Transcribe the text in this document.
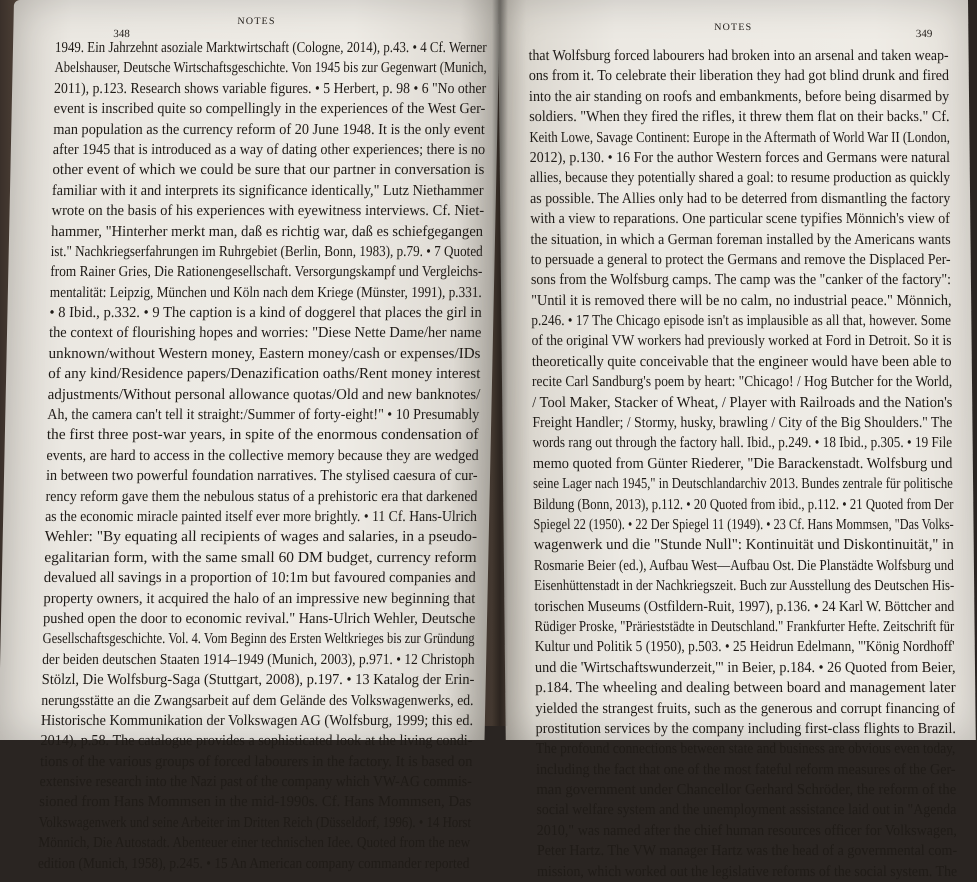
348
NOTES
1949. Ein Jahrzehnt asoziale Marktwirtschaft (Cologne, 2014), p.43. • 4 Cf. Werner
Abelshauser, Deutsche Wirtschaftsgeschichte. Von 1945 bis zur Gegenwart (Munich,
2011), p.123. Research shows variable figures. • 5 Herbert, p. 98 • 6 "No other
event is inscribed quite so compellingly in the experiences of the West Ger-
man population as the currency reform of 20 June 1948. It is the only event
after 1945 that is introduced as a way of dating other experiences; there is no
other event of which we could be sure that our partner in conversation is
familiar with it and interprets its significance identically," Lutz Niethammer
wrote on the basis of his experiences with eyewitness interviews. Cf. Niet-
hammer, "Hinterher merkt man, daß es richtig war, daß es schiefgegangen
ist." Nachkriegserfahrungen im Ruhrgebiet (Berlin, Bonn, 1983), p.79. • 7 Quoted
from Rainer Gries, Die Rationengesellschaft. Versorgungskampf und Vergleichs-
mentalität: Leipzig, München und Köln nach dem Kriege (Münster, 1991), p.331.
• 8 Ibid., p.332. • 9 The caption is a kind of doggerel that places the girl in
the context of flourishing hopes and worries: "Diese Nette Dame/her name
unknown/without Western money, Eastern money/cash or expenses/IDs
of any kind/Residence papers/Denazification oaths/Rent money interest
adjustments/Without personal allowance quotas/Old and new banknotes/
Ah, the camera can't tell it straight:/Summer of forty-eight!" • 10 Presumably
the first three post-war years, in spite of the enormous condensation of
events, are hard to access in the collective memory because they are wedged
in between two powerful foundation narratives. The stylised caesura of cur-
rency reform gave them the nebulous status of a prehistoric era that darkened
as the economic miracle painted itself ever more brightly. • 11 Cf. Hans-Ulrich
Wehler: "By equating all recipients of wages and salaries, in a pseudo-
egalitarian form, with the same small 60 DM budget, currency reform
devalued all savings in a proportion of 10:1m but favoured companies and
property owners, it acquired the halo of an impressive new beginning that
pushed open the door to economic revival." Hans-Ulrich Wehler, Deutsche
Gesellschaftsgeschichte. Vol. 4. Vom Beginn des Ersten Weltkrieges bis zur Gründung
der beiden deutschen Staaten 1914–1949 (Munich, 2003), p.971. • 12 Christoph
Stölzl, Die Wolfsburg-Saga (Stuttgart, 2008), p.197. • 13 Katalog der Erin-
nerungsstätte an die Zwangsarbeit auf dem Gelände des Volkswagenwerks, ed.
Historische Kommunikation der Volkswagen AG (Wolfsburg, 1999; this ed.
2014), p.58. The catalogue provides a sophisticated look at the living condi-
tions of the various groups of forced labourers in the factory. It is based on
extensive research into the Nazi past of the company which VW-AG commis-
sioned from Hans Mommsen in the mid-1990s. Cf. Hans Mommsen, Das
Volkswagenwerk und seine Arbeiter im Dritten Reich (Düsseldorf, 1996). • 14 Horst
Mönnich, Die Autostadt. Abenteuer einer technischen Idee. Quoted from the new
edition (Munich, 1958), p.245. • 15 An American company commander reported
NOTES
349
that Wolfsburg forced labourers had broken into an arsenal and taken weap-
ons from it. To celebrate their liberation they had got blind drunk and fired
into the air standing on roofs and embankments, before being disarmed by
soldiers. "When they fired the rifles, it threw them flat on their backs." Cf.
Keith Lowe, Savage Continent: Europe in the Aftermath of World War II (London,
2012), p.130. • 16 For the author Western forces and Germans were natural
allies, because they potentially shared a goal: to resume production as quickly
as possible. The Allies only had to be deterred from dismantling the factory
with a view to reparations. One particular scene typifies Mönnich's view of
the situation, in which a German foreman installed by the Americans wants
to persuade a general to protect the Germans and remove the Displaced Per-
sons from the Wolfsburg camps. The camp was the "canker of the factory":
"Until it is removed there will be no calm, no industrial peace." Mönnich,
p.246. • 17 The Chicago episode isn't as implausible as all that, however. Some
of the original VW workers had previously worked at Ford in Detroit. So it is
theoretically quite conceivable that the engineer would have been able to
recite Carl Sandburg's poem by heart: "Chicago! / Hog Butcher for the World,
/ Tool Maker, Stacker of Wheat, / Player with Railroads and the Nation's
Freight Handler; / Stormy, husky, brawling / City of the Big Shoulders." The
words rang out through the factory hall. Ibid., p.249. • 18 Ibid., p.305. • 19 File
memo quoted from Günter Riederer, "Die Barackenstadt. Wolfsburg und
seine Lager nach 1945," in Deutschlandarchiv 2013. Bundes zentrale für politische
Bildung (Bonn, 2013), p.112. • 20 Quoted from ibid., p.112. • 21 Quoted from Der
Spiegel 22 (1950). • 22 Der Spiegel 11 (1949). • 23 Cf. Hans Mommsen, "Das Volks-
wagenwerk und die "Stunde Null": Kontinuität und Diskontinuität," in
Rosmarie Beier (ed.), Aufbau West—Aufbau Ost. Die Planstädte Wolfsburg und
Eisenhüttenstadt in der Nachkriegszeit. Buch zur Ausstellung des Deutschen His-
torischen Museums (Ostfildern-Ruit, 1997), p.136. • 24 Karl W. Böttcher and
Rüdiger Proske, "Prärieststädte in Deutschland." Frankfurter Hefte. Zeitschrift für
Kultur und Politik 5 (1950), p.503. • 25 Heidrun Edelmann, "'König Nordhoff'
und die 'Wirtschaftswunderzeit,'" in Beier, p.184. • 26 Quoted from Beier,
p.184. The wheeling and dealing between board and management later
yielded the strangest fruits, such as the generous and corrupt financing of
prostitution services by the company including first-class flights to Brazil.
The profound connections between state and business are obvious even today,
including the fact that one of the most fateful reform measures of the Ger-
man government under Chancellor Gerhard Schröder, the reform of the
social welfare system and the unemployment assistance laid out in "Agenda
2010," was named after the chief human resources officer for Volkswagen,
Peter Hartz. The VW manager Hartz was the head of a governmental com-
mission, which worked out the legislative reforms of the social system. The
